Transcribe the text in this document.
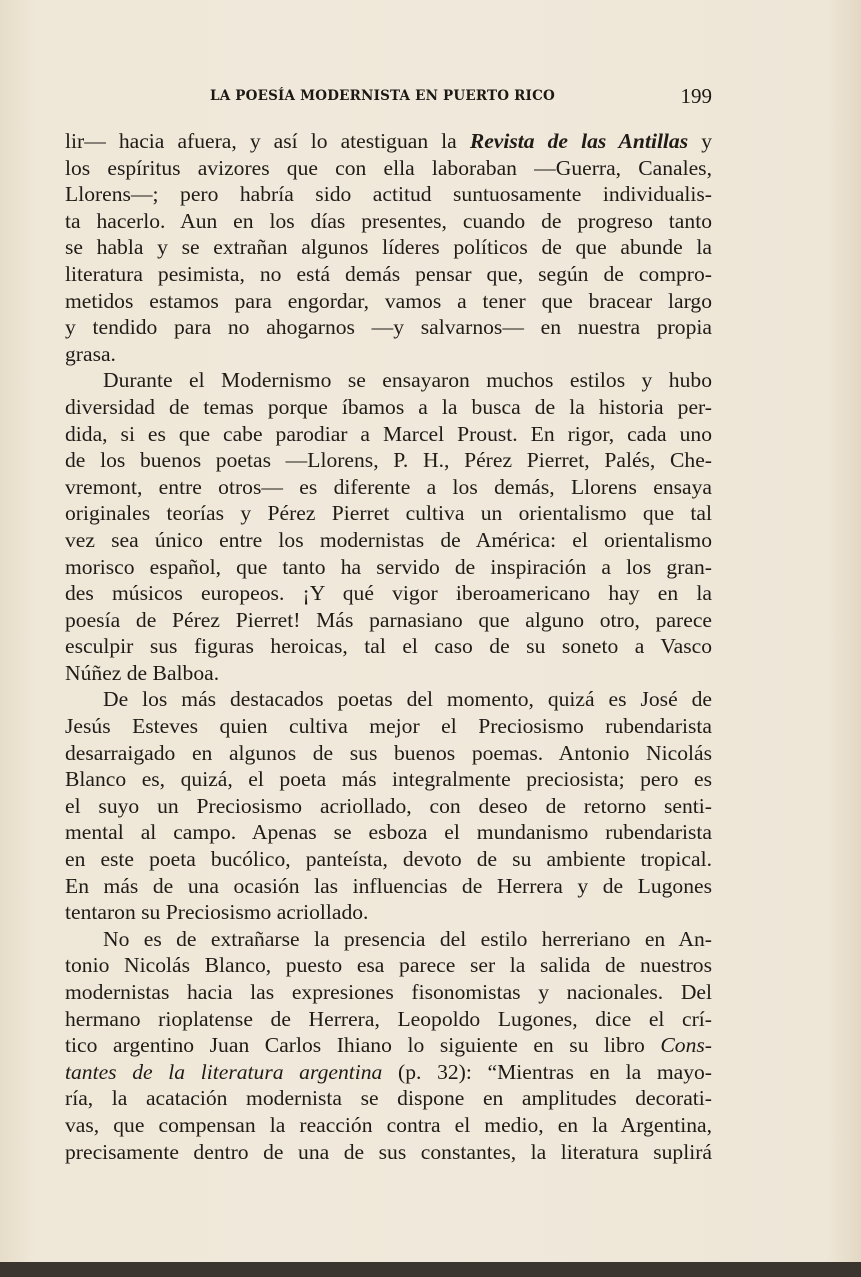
LA POESÍA MODERNISTA EN PUERTO RICO	199
lir— hacia afuera, y así lo atestiguan la Revista de las Antillas y
los espíritus avizores que con ella laboraban —Guerra, Canales,
Llorens—; pero habría sido actitud suntuosamente individualis-
ta hacerlo. Aun en los días presentes, cuando de progreso tanto
se habla y se extrañan algunos líderes políticos de que abunde la
literatura pesimista, no está demás pensar que, según de compro-
metidos estamos para engordar, vamos a tener que bracear largo
y tendido para no ahogarnos —y salvarnos— en nuestra propia
grasa.
Durante el Modernismo se ensayaron muchos estilos y hubo
diversidad de temas porque íbamos a la busca de la historia per-
dida, si es que cabe parodiar a Marcel Proust. En rigor, cada uno
de los buenos poetas —Llorens, P. H., Pérez Pierret, Palés, Che-
vremont, entre otros— es diferente a los demás, Llorens ensaya
originales teorías y Pérez Pierret cultiva un orientalismo que tal
vez sea único entre los modernistas de América: el orientalismo
morisco español, que tanto ha servido de inspiración a los gran-
des músicos europeos. ¡Y qué vigor iberoamericano hay en la
poesía de Pérez Pierret! Más parnasiano que alguno otro, parece
esculpir sus figuras heroicas, tal el caso de su soneto a Vasco
Núñez de Balboa.
De los más destacados poetas del momento, quizá es José de
Jesús Esteves quien cultiva mejor el Preciosismo rubendarista
desarraigado en algunos de sus buenos poemas. Antonio Nicolás
Blanco es, quizá, el poeta más integralmente preciosista; pero es
el suyo un Preciosismo acriollado, con deseo de retorno senti-
mental al campo. Apenas se esboza el mundanismo rubendarista
en este poeta bucólico, panteísta, devoto de su ambiente tropical.
En más de una ocasión las influencias de Herrera y de Lugones
tentaron su Preciosismo acriollado.
No es de extrañarse la presencia del estilo herreriano en An-
tonio Nicolás Blanco, puesto esa parece ser la salida de nuestros
modernistas hacia las expresiones fisonomistas y nacionales. Del
hermano rioplatense de Herrera, Leopoldo Lugones, dice el crí-
tico argentino Juan Carlos Ihiano lo siguiente en su libro Cons-
tantes de la literatura argentina (p. 32): “Mientras en la mayo-
ría, la acatación modernista se dispone en amplitudes decorati-
vas, que compensan la reacción contra el medio, en la Argentina,
precisamente dentro de una de sus constantes, la literatura suplirá
